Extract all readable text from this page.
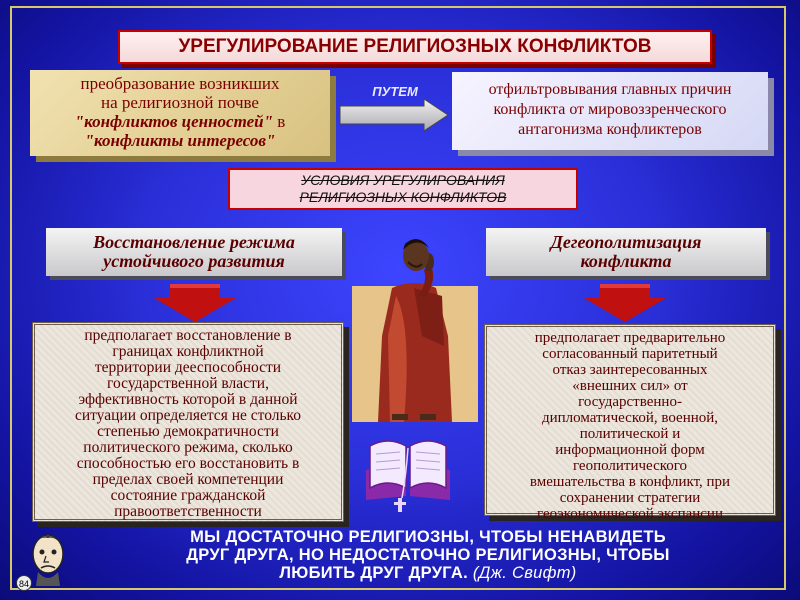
УРЕГУЛИРОВАНИЕ РЕЛИГИОЗНЫХ КОНФЛИКТОВ
преобразование возникших
на религиозной почве
"конфликтов ценностей" в
"конфликты интересов"
ПУТЕМ	отфильтровывания главных причин
конфликта от мировоззренческого
антагонизма конфликтеров
УСЛОВИЯ УРЕГУЛИРОВАНИЯ
РЕЛИГИОЗНЫХ КОНФЛИКТОВ
Восстановление режима
устойчивого развития
Дегеополитизация
конфликта
предполагает восстановление в
границах конфликтной
территории дееспособности
государственной власти,
эффективность которой в данной
ситуации определяется не столько
степенью демократичности
политического режима, сколько
способностью его восстановить в
пределах своей компетенции
состояние гражданской
правоответственности
предполагает предварительно
согласованный паритетный
отказ заинтересованных
«внешних сил» от
государственно-
дипломатической, военной,
политической и
информационной форм
геополитического
вмешательства в конфликт, при
сохранении стратегии
геоэкономической экспансии
84
МЫ ДОСТАТОЧНО РЕЛИГИОЗНЫ, ЧТОБЫ НЕНАВИДЕТЬ
ДРУГ ДРУГА, НО НЕДОСТАТОЧНО РЕЛИГИОЗНЫ, ЧТОБЫ
ЛЮБИТЬ ДРУГ ДРУГА. (Дж. Свифт)
